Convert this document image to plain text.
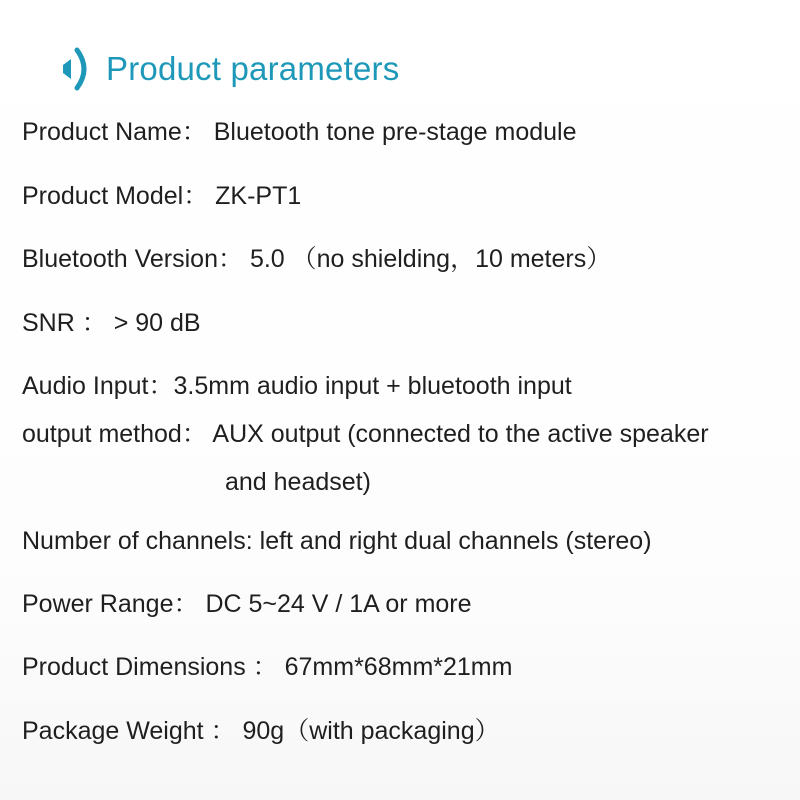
Product parameters
Product Name： Bluetooth tone pre-stage module
Product Model： ZK-PT1
Bluetooth Version： 5.0 （no shielding，10 meters）
SNR ： > 90 dB
Audio Input：3.5mm audio input + bluetooth input
output method： AUX output (connected to the active speaker
and headset)
Number of channels: left and right dual channels (stereo)
Power Range： DC 5~24 V / 1A or more
Product Dimensions ： 67mm*68mm*21mm
Package Weight ： 90g（with packaging）
